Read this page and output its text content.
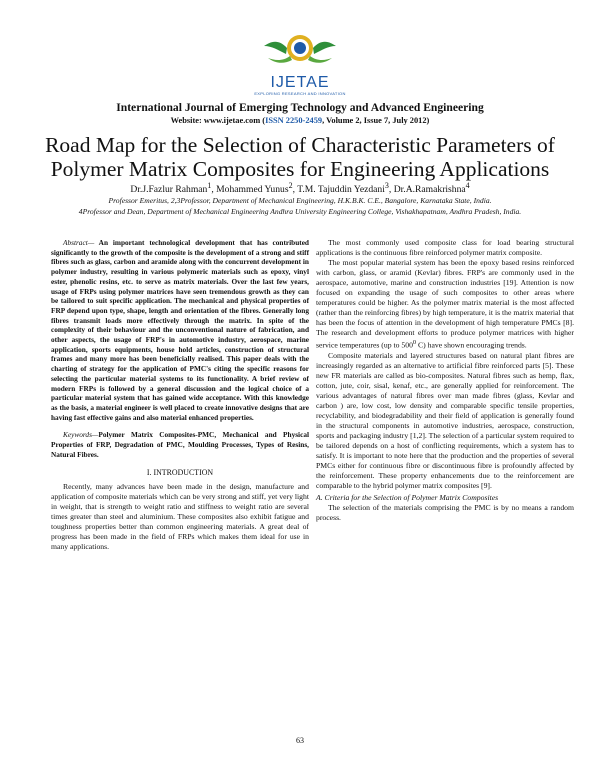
IJETAE
EXPLORING RESEARCH AND INNOVATION
International Journal of Emerging Technology and Advanced Engineering
Website: www.ijetae.com (ISSN 2250-2459, Volume 2, Issue 7, July 2012)
Road Map for the Selection of Characteristic Parameters of Polymer Matrix Composites for Engineering Applications
Dr.J.Fazlur Rahman$^1$, Mohammed Yunus$^2$, T.M. Tajuddin Yezdani$^3$, Dr.A.Ramakrishna$^4$
Professor Emeritus, 2,3Professor, Department of Mechanical Engineering, H.K.B.K. C.E., Bangalore, Karnataka State, India.
4Professor and Dean, Department of Mechanical Engineering Andhra University Engineering College, Vishakhapatnam, Andhra Pradesh, India.

Abstract— An important technological development that has contributed significantly to the growth of the composite is the development of a strong and stiff fibres such as glass, carbon and aramide along with the concurrent development in polymer industry, resulting in various polymeric materials such as epoxy, vinyl ester, phenolic resins, etc. to serve as matrix materials. Over the last few years, usage of FRPs using polymer matrices have seen tremendous growth as they can be tailored to suit specific application. The mechanical and physical properties of FRP depend upon type, shape, length and orientation of the fibres. Generally long fibres transmit loads more effectively through the matrix. In spite of the complexity of their behaviour and the unconventional nature of fabrication, and other aspects, the usage of FRP's in automotive industry, aerospace, marine application, sports equipments, house hold articles, construction of structural frames and many more has been beneficially realised. This paper deals with the charting of strategy for the application of PMC's citing the specific reasons for selecting the particular material systems to its functionality. A brief review of modern FRPs is followed by a general discussion and the logical choice of a particular material system that has gained wide acceptance. With this knowledge as the basis, a material engineer is well placed to create innovative designs that are having fast effective gains and also material enhanced properties.

Keywords—Polymer Matrix Composites-PMC, Mechanical and Physical Properties of FRP, Degradation of PMC, Moulding Processes, Types of Resins, Natural Fibres.

I. INTRODUCTION

Recently, many advances have been made in the design, manufacture and application of composite materials which can be very strong and stiff, yet very light in weight, that is strength to weight ratio and stiffness to weight ratio are several times greater than steel and aluminium. These composites also exhibit fatigue and toughness properties better than common engineering materials. A great deal of progress has been made in the field of FRPs which makes them ideal for use in many applications.

The most commonly used composite class for load bearing structural applications is the continuous fibre reinforced polymer matrix composite.

The most popular material system has been the epoxy based resins reinforced with carbon, glass, or aramid (Kevlar) fibres. FRP's are commonly used in the aerospace, automotive, marine and construction industries [19]. Attention is now focused on expanding the usage of such composites to other areas where temperatures could be higher. As the polymer matrix material is the most affected (rather than the reinforcing fibres) by high temperature, it is the matrix material that has been the focus of attention in the development of high temperature PMCs [8]. The research and development efforts to produce polymer matrices with higher service temperatures (up to $500^0$ C) have shown encouraging trends.

Composite materials and layered structures based on natural plant fibres are increasingly regarded as an alternative to artificial fibre reinforced parts [5]. These new FR materials are called as bio-composites. Natural fibres such as hemp, flax, cotton, jute, coir, sisal, kenaf, etc., are generally applied for reinforcement. The various advantages of natural fibres over man made fibres (glass, Kevlar and carbon ) are, low cost, low density and comparable specific tensile properties, recyclability, and biodegradability and their field of application is generally found in the structural components in automotive industries, aerospace, construction, sports and packaging industry [1,2]. The selection of a particular system required to be tailored depends on a host of conflicting requirements, which a system has to satisfy. It is important to note here that the production and the properties of several PMCs either for continuous fibre or discontinuous fibre is profoundly affected by the reinforcement. These property enhancements due to the reinforcement are comparable to the hybrid polymer matrix composites [9].

A. Criteria for the Selection of Polymer Matrix Composites

The selection of the materials comprising the PMC is by no means a random process.

63
